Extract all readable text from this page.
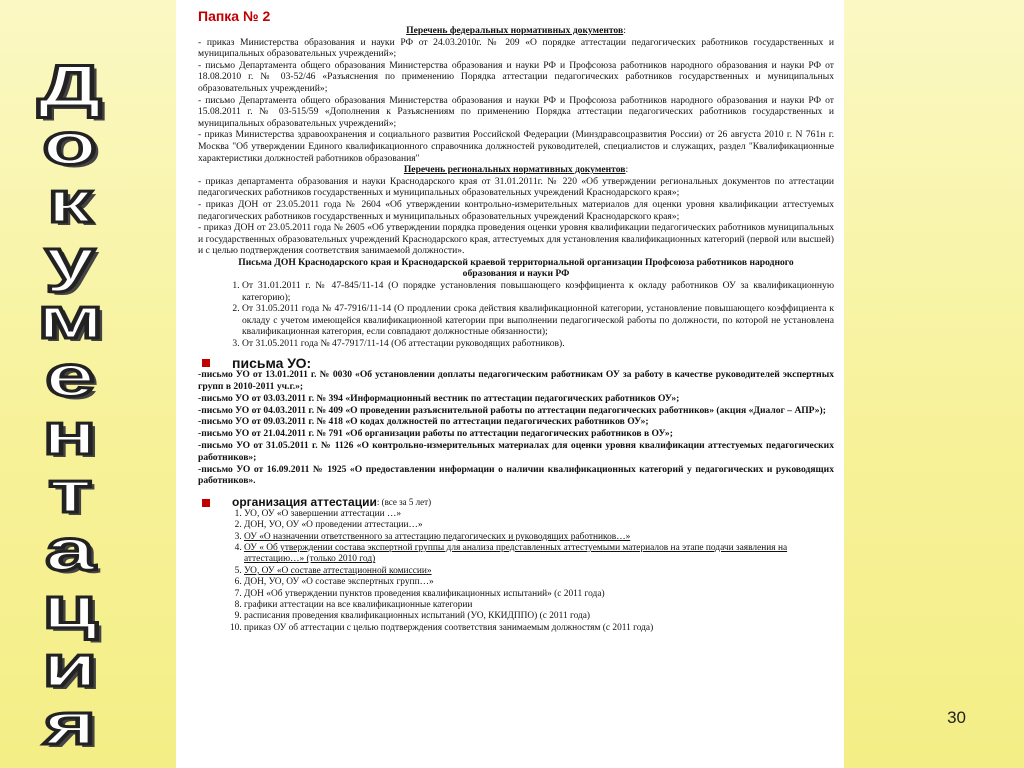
Д
о
к
у
м
е
н
т
а
ц
и
я
Папка № 2
Перечень федеральных нормативных документов:

- приказ Министерства образования и науки РФ от 24.03.2010г. № 209 «О порядке аттестации педагогических работников государственных и муниципальных образовательных учреждений»;

- письмо Департамента общего образования Министерства образования и науки РФ и Профсоюза работников народного образования и науки РФ от 18.08.2010 г. № 03-52/46 «Разъяснения по применению Порядка аттестации педагогических работников государственных и муниципальных образовательных учреждений»;

- письмо Департамента общего образования Министерства образования и науки РФ и Профсоюза работников народного образования и науки РФ от 15.08.2011 г. № 03-515/59 «Дополнения к Разъяснениям по применению Порядка аттестации педагогических работников государственных и муниципальных образовательных учреждений»;

- приказ Министерства здравоохранения и социального развития Российской Федерации (Минздравсоцразвития России) от 26 августа 2010 г. N 761н г. Москва "Об утверждении Единого квалификационного справочника должностей руководителей, специалистов и служащих, раздел "Квалификационные характеристики должностей работников образования"

Перечень региональных нормативных документов:

- приказ департамента образования и науки Краснодарского края от 31.01.2011г. № 220 «Об утверждении региональных документов по аттестации педагогических работников государственных и муниципальных образовательных учреждений Краснодарского края»;

- приказ ДОН от 23.05.2011 года № 2604 «Об утверждении контрольно-измерительных материалов для оценки уровня квалификации аттестуемых педагогических работников государственных и муниципальных образовательных учреждений Краснодарского края»;

- приказ ДОН от 23.05.2011 года № 2605 «Об утверждении порядка проведения оценки уровня квалификации педагогических работников муниципальных и государственных образовательных учреждений Краснодарского края, аттестуемых для установления квалификационных категорий (первой или высшей) и с целью подтверждения соответствия занимаемой должности».

Письма ДОН Краснодарского края и Краснодарской краевой территориальной организации Профсоюза работников народного образования и науки РФ
1. От 31.01.2011 г. № 47-845/11-14 (О порядке установления повышающего коэффициента к окладу работников ОУ за квалификационную категорию);
2. От 31.05.2011 года № 47-7916/11-14 (О продлении срока действия квалификационной категории, установление повышающего коэффициента к окладу с учетом имеющейся квалификационной категории при выполнении педагогической работы по должности, по которой не установлена квалификационная категория, если совпадают должностные обязанности);
3. От 31.05.2011 года № 47-7917/11-14 (Об аттестации руководящих работников).
письма УО:

-письмо УО от 13.01.2011 г. № 0030 «Об установлении доплаты педагогическим работникам ОУ за работу в качестве руководителей экспертных групп в 2010-2011 уч.г.»;

-письмо УО от 03.03.2011 г. № 394 «Информационный вестник по аттестации педагогических работников ОУ»;

-письмо УО от 04.03.2011 г. № 409 «О проведении разъяснительной работы по аттестации педагогических работников» (акция «Диалог – АПР»);

-письмо УО от 09.03.2011 г. № 418 «О кодах должностей по аттестации педагогических работников ОУ»;

-письмо УО от 21.04.2011 г. № 791 «Об организации работы по аттестации педагогических работников в ОУ»;

-письмо УО от 31.05.2011 г. № 1126 «О контрольно-измерительных материалах для оценки уровня квалификации аттестуемых педагогических работников»;

-письмо УО от 16.09.2011 № 1925 «О предоставлении информации о наличии квалификационных категорий у педагогических и руководящих работников».

организация аттестации : (все за 5 лет)
1. УО, ОУ «О завершении аттестации …»
2. ДОН, УО, ОУ «О проведении аттестации…»
3. ОУ «О назначении ответственного за аттестацию педагогических и руководящих работников…»
4. ОУ « Об утверждении состава экспертной группы для анализа представленных аттестуемыми материалов на этапе подачи заявления на аттестацию…» (только 2010 год)
5. УО, ОУ «О составе аттестационной комиссии»
6. ДОН, УО, ОУ «О составе экспертных групп…»
7. ДОН «Об утверждении пунктов проведения квалификационных испытаний» (с 2011 года)
8. графики аттестации на все квалификационные категории
9. расписания проведения квалификационных испытаний (УО, ККИДППО) (с 2011 года)
10. приказ ОУ об аттестации с целью подтверждения соответствия занимаемым должностям (с 2011 года)
30
